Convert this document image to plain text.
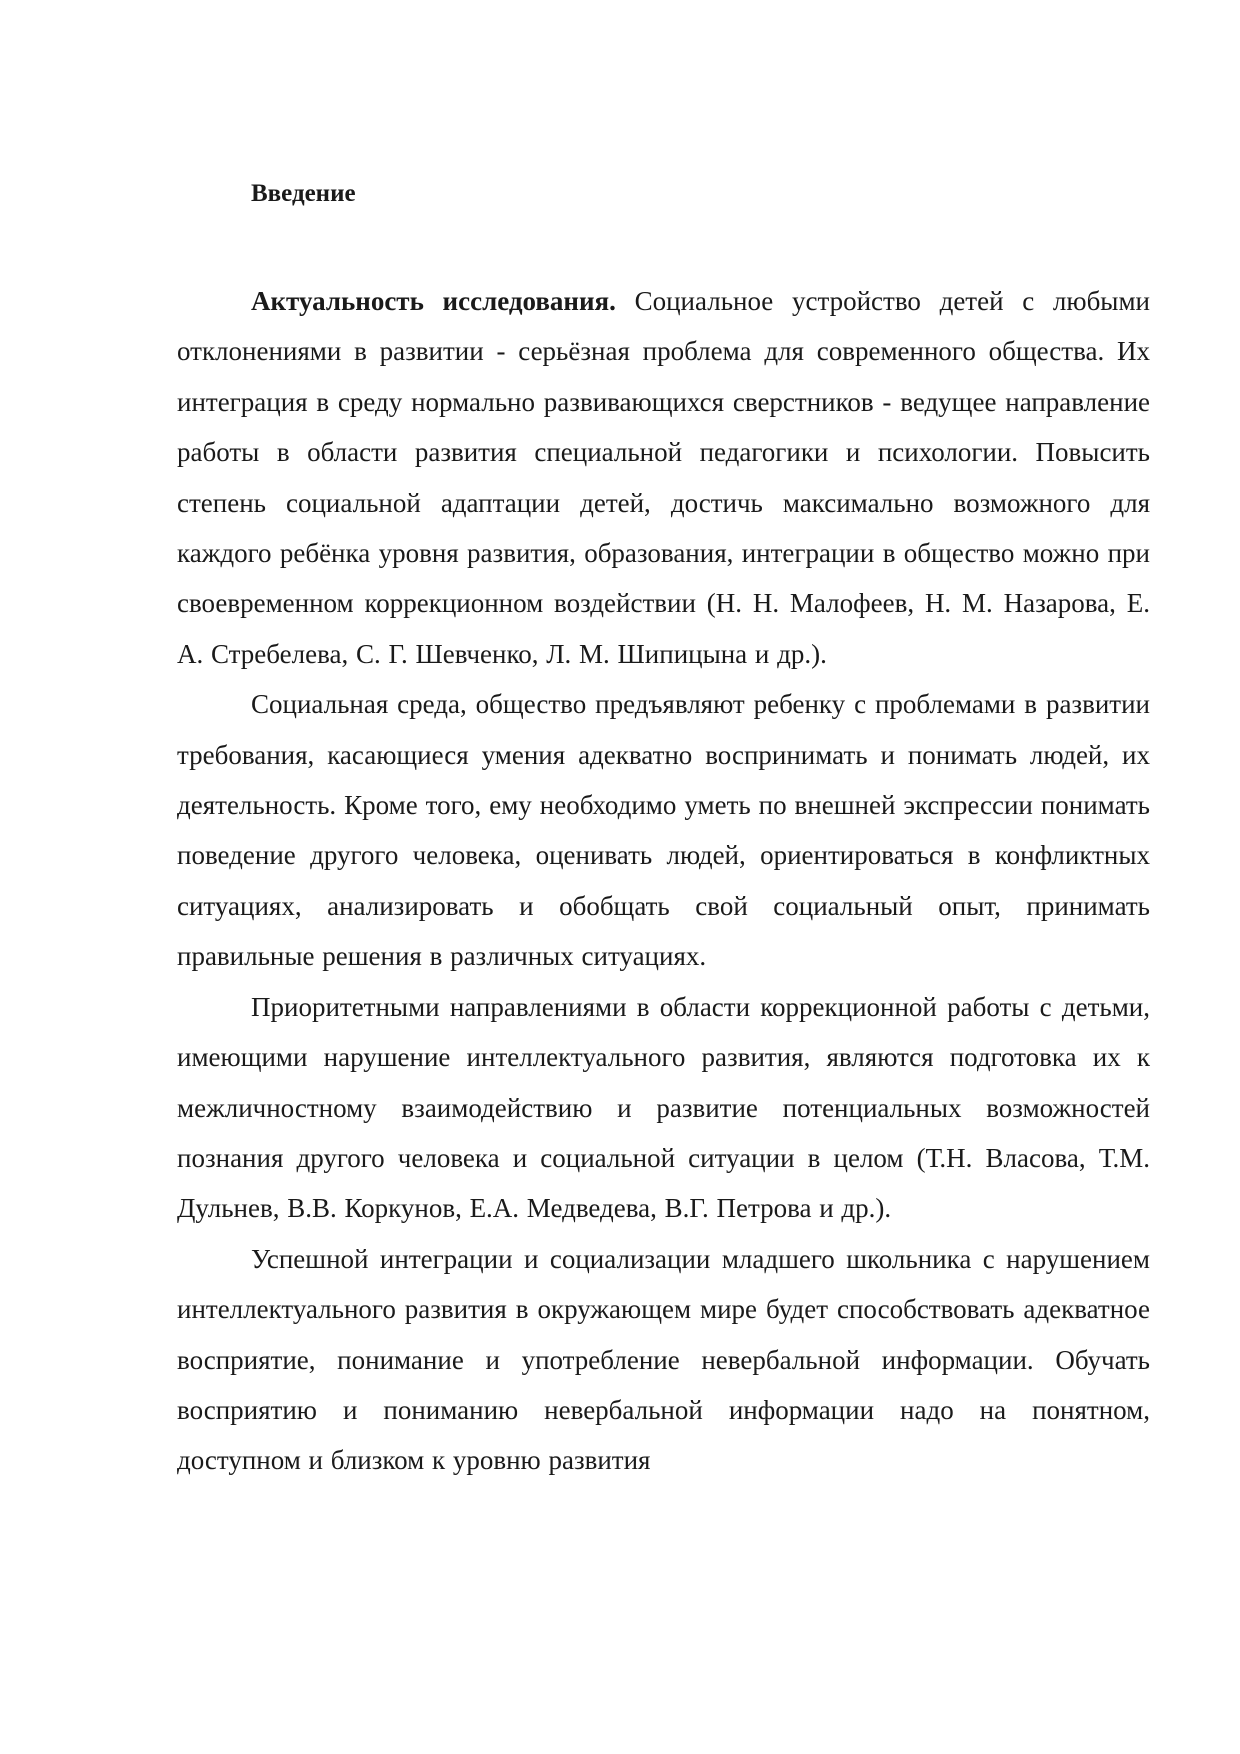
Введение

Актуальность исследования. Социальное устройство детей с любыми отклонениями в развитии - серьёзная проблема для современного общества. Их интеграция в среду нормально развивающихся сверстников - ведущее направление работы в области развития специальной педагогики и психологии. Повысить степень социальной адаптации детей, достичь максимально возможного для каждого ребёнка уровня развития, образования, интеграции в общество можно при своевременном коррекционном воздействии (Н. Н. Малофеев, Н. М. Назарова, Е. А. Стребелева, С. Г. Шевченко, Л. М. Шипицына и др.).

Социальная среда, общество предъявляют ребенку с проблемами в развитии требования, касающиеся умения адекватно воспринимать и понимать людей, их деятельность. Кроме того, ему необходимо уметь по внешней экспрессии понимать поведение другого человека, оценивать людей, ориентироваться в конфликтных ситуациях, анализировать и обобщать свой социальный опыт, принимать правильные решения в различных ситуациях.

Приоритетными направлениями в области коррекционной работы с детьми, имеющими нарушение интеллектуального развития, являются подготовка их к межличностному взаимодействию и развитие потенциальных возможностей познания другого человека и социальной ситуации в целом (Т.Н. Власова, Т.М. Дульнев, В.В. Коркунов, Е.А. Медведева, В.Г. Петрова и др.).

Успешной интеграции и социализации младшего школьника с нарушением интеллектуального развития в окружающем мире будет способствовать адекватное восприятие, понимание и употребление невербальной информации. Обучать восприятию и пониманию невербальной информации надо на понятном, доступном и близком к уровню развития
